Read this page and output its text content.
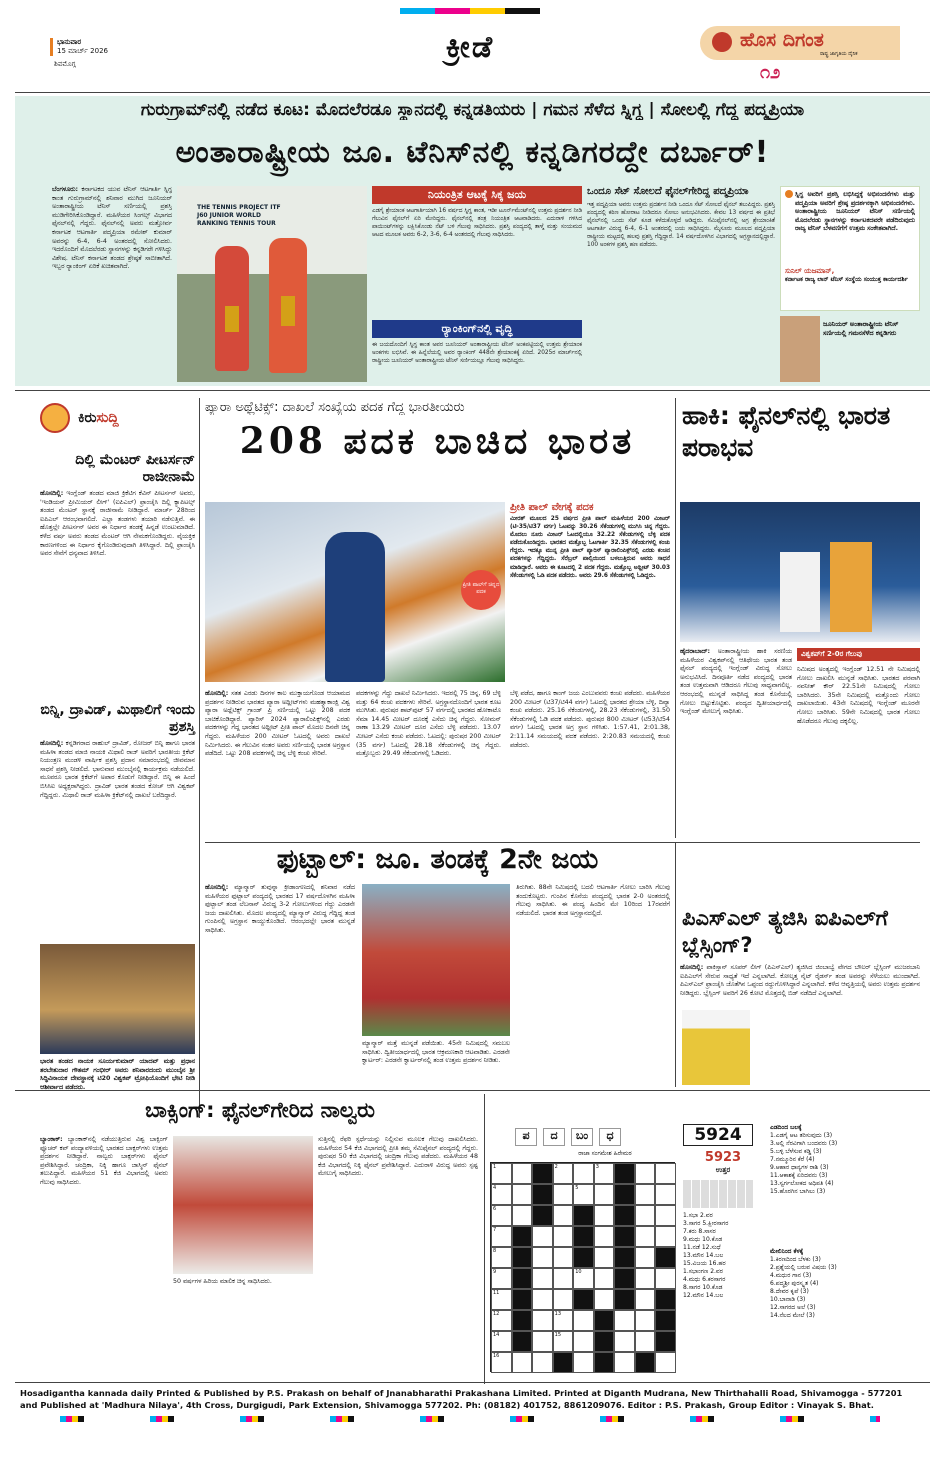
ಭಾನುವಾರ
15 ಮಾರ್ಚ್ 2026
ಶಿವಮೊಗ್ಗ	ಕ್ರೀಡೆ	ಹೊಸ ದಿಗಂತ
ರಾಷ್ಟ್ರ ಜಾಗೃತಿಯ ದೈನಿಕ
೧೨
ಗುರುಗ್ರಾಮ್‌ನಲ್ಲಿ ನಡೆದ ಕೂಟ: ಮೊದಲೆರಡೂ ಸ್ಥಾನದಲ್ಲಿ ಕನ್ನಡತಿಯರು | ಗಮನ ಸೆಳೆದ ಸ್ನಿಗ್ಧ | ಸೋಲಲ್ಲಿ ಗೆದ್ದ ಪದ್ಮಪ್ರಿಯಾ
ಅಂತಾರಾಷ್ಟ್ರೀಯ ಜೂ. ಟೆನಿಸ್‌ನಲ್ಲಿ ಕನ್ನಡಿಗರದ್ದೇ ದರ್ಬಾರ್!
ಬೆಂಗಳೂರು: ಕರ್ನಾಟಕದ ಯುವ ಟೆನಿಸ್ ಆಟಗಾರ್ತಿ ಸ್ನಿಗ್ಧ ಕಾಂತ ಗುರುಗ್ರಾಮ್‌ನಲ್ಲಿ ಶನಿವಾರ ಮುಗಿದ ಜೂನಿಯರ್ ಅಂತಾರಾಷ್ಟ್ರೀಯ ಟೆನಿಸ್ ಸರ್ಣಿಯಲ್ಲಿ ಪ್ರಶಸ್ತಿ ಮುಡಿಗೇರಿಸಿಕೊಂಡಿದ್ದಾರೆ. ಮಹಿಳೆಯರ ಸಿಂಗಲ್ಸ್ ವಿಭಾಗದ ಫೈನಲ್‌ನಲ್ಲಿ ಗೆದ್ದರು. ಫೈನಲ್‌ನಲ್ಲಿ ಅವರು ಮತ್ತೋರ್ವ ಕರ್ನಾಟಕ ಆಟಗಾರ್ತಿ ಪದ್ಮಪ್ರಿಯಾ ರಮೇಶ್ ಕುಮಾರ್ ಅವರನ್ನು 6-4, 6-4 ಅಂತರದಲ್ಲಿ ಸೋಲಿಸಿದರು. ಇದರೊಂದಿಗೆ ಮೊದಲೆರಡು ಸ್ಥಾನಗಳನ್ನು ಕನ್ನಡಿಗರೇ ಗಳಿಸಿದ್ದು ವಿಶೇಷ. ಟೆನಿಸ್ ಕರ್ನಾಟಕ ತಂಡದ ಶ್ರೇಷ್ಠತೆ ಸಾಬೀತಾಗಿದೆ. ಇಬ್ಬರ ರ್‍ಯಾಂಕಿಂಗ್ ಏರಿಕೆ ಖಚಿತವಾಗಿದೆ.
THE TENNIS PROJECT ITF J60 JUNIOR WORLD RANKING TENNIS TOUR
ನಿಯಂತ್ರಿತ ಆಟಕ್ಕೆ ಸಿಕ್ಕ ಜಯ
ಎಡಗೈ ಶ್ರೇಯಾಂಕ ಆಟಗಾರ್ತಿಯಾಗಿ 16 ವರ್ಷದ ಸ್ನಿಗ್ಧ ಕಾಂತ, ಇಡೀ ಟೂರ್ನ್‌ಮೆಂಟ್‌ನಲ್ಲಿ ಉತ್ತಮ ಪ್ರದರ್ಶನ ನೀಡಿ ಗೆಲುವಿನ ಫೈನಲ್‌ಗೆ ಏರಿ ಮೇರಿದ್ದರು. ಫೈನಲ್‌ನಲ್ಲಿ ತಂತ್ರ ನಿಯಂತ್ರಿತ ಆಟವಾಡಿದರು. ಎದುರಾಳಿ ಗಳಿಸಿದ ಪಾಯಿಂಟ್‌ಗಳನ್ನು ಲಕ್ಷಿಸಿಕೊಂಡು ನೆಟ್ ಬಳಿ ಗೆಲುವು ಸಾಧಿಸಿದರು. ಪ್ರಶಸ್ತಿ ಪಂದ್ಯದಲ್ಲಿ ತಾಳ್ಮೆ ಮತ್ತು ಸಂಯಮದ ಆಟದ ಮೂಲಕ ಅವರು 6-2, 3-6, 6-4 ಅಂತರದಲ್ಲಿ ಗೆಲುವು ಸಾಧಿಸಿದರು.
ರ್‍ಯಾಂಕಿಂಗ್‌ನಲ್ಲಿ ವೃದ್ಧಿ
ಈ ಜಯದೊಂದಿಗೆ ಸ್ನಿಗ್ಧ ಕಾಂತ ಅವರ ಜೂನಿಯರ್ ಅಂತಾರಾಷ್ಟ್ರೀಯ ಟೆನಿಸ್ ಅಂಕಪಟ್ಟಿಯಲ್ಲಿ ಉತ್ತಮ ಶ್ರೇಯಾಂಕ ಅಂಕಗಳು ಲಭಿಸಿವೆ. ಈ ಹಿನ್ನೆಲೆಯಲ್ಲಿ ಅವರ ರ್‍ಯಾಂಕಿಂಗ್ 448ನೇ ಶ್ರೇಯಾಂಕಕ್ಕೆ ಏರಿದೆ. 2025ರ ಮಾರ್ಚ್‌ನಲ್ಲಿ ರಾಷ್ಟ್ರೀಯ ಜೂನಿಯರ್ ಅಂತಾರಾಷ್ಟ್ರೀಯ ಟೆನಿಸ್ ಸರ್ಣಿಯಲ್ಲೂ ಗೆಲುವು ಸಾಧಿಸಿದ್ದರು.
ಒಂದೂ ಸೆಟ್ ಸೋಲದೆ ಫೈನಲ್‌ಗೇರಿದ್ದ ಪದ್ಮಪ್ರಿಯಾ
ಇತ್ತ ಪದ್ಮಪ್ರಿಯಾ ಅವರು ಉತ್ತಮ ಪ್ರದರ್ಶನ ನೀಡಿ ಒಂದೂ ಸೆಟ್ ಸೋಲದೆ ಫೈನಲ್ ತಲುಪಿದ್ದರು. ಪ್ರಶಸ್ತಿ ಪಂದ್ಯದಲ್ಲಿ ಕಠಿಣ ಹೋರಾಟ ನೀಡಿದರೂ ಸೋಲು ಅನುಭವಿಸಿದರು. ಕೇವಲ 13 ವರ್ಷದ ಈ ಪ್ರತಿಭೆ ಫೈನಲ್‌ನಲ್ಲಿ ಒಂದು ಸೆಟ್ ಕೂಡ ಕಳೆದುಕೊಳ್ಳದೆ ಆಡಿದ್ದರು. ಸೆಮಿಫೈನಲ್‌ನಲ್ಲಿ ಅಗ್ರ ಶ್ರೇಯಾಂಕಿತೆ ಆಟಗಾರ್ತಿ ವಿರುದ್ಧ 6-4, 6-1 ಅಂತರದಲ್ಲಿ ಜಯ ಸಾಧಿಸಿದ್ದರು. ಮೈಸೂರು ಮೂಲದ ಪದ್ಮಪ್ರಿಯಾ ರಾಷ್ಟ್ರೀಯ ಮಟ್ಟದಲ್ಲಿ ಹಲವು ಪ್ರಶಸ್ತಿ ಗೆದ್ದಿದ್ದಾರೆ. 14 ವರ್ಷದೊಳಗಿನ ವಿಭಾಗದಲ್ಲಿ ಅಗ್ರಸ್ಥಾನದಲ್ಲಿದ್ದಾರೆ. 100 ಅಂಕಗಳ ಪ್ರಶಸ್ತಿ ಹಣ ಪಡೆದರು.
ಸ್ನಿಗ್ಧ ಅವರಿಗೆ ಪ್ರಶಸ್ತಿ ಲಭಿಸಿದ್ದಕ್ಕೆ ಅಭಿನಂದನೆಗಳು ಮತ್ತು ಪದ್ಮಪ್ರಿಯಾ ಅವರಿಗೆ ಶ್ರೇಷ್ಠ ಪ್ರದರ್ಶನಕ್ಕಾಗಿ ಅಭಿನಂದನೆಗಳು. ಅಂತಾರಾಷ್ಟ್ರೀಯ ಜೂನಿಯರ್ ಟೆನಿಸ್ ಸರ್ಣಿಯಲ್ಲಿ ಮೊದಲೆರಡು ಸ್ಥಾನಗಳನ್ನು ಕರ್ನಾಟಕದವರೇ ಪಡೆದಿರುವುದು ರಾಜ್ಯ ಟೆನಿಸ್ ಬೆಳವಣಿಗೆಗೆ ಉತ್ತಮ ಸಂಕೇತವಾಗಿದೆ.
ಸುನಿಲ್ ಯಜಮಾನ್,
ಕರ್ನಾಟಕ ರಾಜ್ಯ ಲಾನ್ ಟೆನಿಸ್ ಸಂಸ್ಥೆಯ ಸಂಯುಕ್ತ ಕಾರ್ಯದರ್ಶಿ
ಜೂನಿಯರ್ ಅಂತಾರಾಷ್ಟ್ರೀಯ ಟೆನಿಸ್ ಸರ್ಣಿಯಲ್ಲಿ ಗಮನಸೆಳೆದ ಕನ್ನಡಿಗರು
ಕಿರು ಸುದ್ದಿ
ದಿಲ್ಲಿ ಮೆಂಟರ್ ಪೀಟರ್ಸನ್ ರಾಜೀನಾಮೆ
ಹೊಸದಿಲ್ಲಿ: ಇಂಗ್ಲೆಂಡ್ ತಂಡದ ಮಾಜಿ ಕ್ರಿಕೆಟಿಗ ಕೆವಿನ್ ಪೀಟರ್ಸನ್ ಅವರು, 'ಇಂಡಿಯನ್ ಪ್ರೀಮಿಯರ್ ಲೀಗ್' (ಐಪಿಎಲ್) ಫ್ರಾಂಚೈಸಿ ದಿಲ್ಲಿ ಕ್ಯಾಪಿಟಲ್ಸ್ ತಂಡದ ಮೆಂಟರ್ ಸ್ಥಾನಕ್ಕೆ ರಾಜೀನಾಮೆ ನೀಡಿದ್ದಾರೆ. ಮಾರ್ಚ್ 28ರಿಂದ ಐಪಿಎಲ್ ಆರಂಭವಾಗಲಿದೆ. ಎಲ್ಲಾ ತಂಡಗಳು ತಯಾರಿ ನಡೆಸುತ್ತಿವೆ. ಈ ಹೊತ್ತಲ್ಲೇ ಪೀಟರ್ಸನ್ ಅವರ ಈ ನಿರ್ಧಾರ ತಂಡಕ್ಕೆ ಹಿನ್ನಡೆ ಉಂಟುಮಾಡಿದೆ. ಕಳೆದ ವರ್ಷ ಅವರು ತಂಡದ ಮೆಂಟರ್ ಆಗಿ ನೇಮಕಗೊಂಡಿದ್ದರು. ವೈಯಕ್ತಿಕ ಕಾರಣಗಳಿಂದ ಈ ನಿರ್ಧಾರ ಕೈಗೊಂಡಿರುವುದಾಗಿ ತಿಳಿಸಿದ್ದಾರೆ. ದಿಲ್ಲಿ ಫ್ರಾಂಚೈಸಿ ಅವರ ಸೇವೆಗೆ ಧನ್ಯವಾದ ತಿಳಿಸಿದೆ.
ಬಿನ್ನಿ, ದ್ರಾವಿಡ್, ಮಿಥಾಲಿಗೆ ಇಂದು ಪ್ರಶಸ್ತಿ
ಹೊಸದಿಲ್ಲಿ: ಕನ್ನಡಿಗರಾದ ರಾಹುಲ್ ದ್ರಾವಿಡ್, ರೋಜರ್ ಬಿನ್ನಿ ಹಾಗೂ ಭಾರತ ಮಹಿಳಾ ತಂಡದ ಮಾಜಿ ನಾಯಕಿ ಮಿಥಾಲಿ ರಾಜ್ ಅವರಿಗೆ ಭಾರತೀಯ ಕ್ರಿಕೆಟ್ ನಿಯಂತ್ರಣ ಮಂಡಳಿ ವಾರ್ಷಿಕ ಪ್ರಶಸ್ತಿ ಪ್ರದಾನ ಸಮಾರಂಭದಲ್ಲಿ ಜೀವಮಾನ ಸಾಧನೆ ಪ್ರಶಸ್ತಿ ನೀಡಲಿದೆ. ಭಾನುವಾರ ಮುಂಬೈನಲ್ಲಿ ಕಾರ್ಯಕ್ರಮ ನಡೆಯಲಿದೆ. ಮೂವರೂ ಭಾರತ ಕ್ರಿಕೆಟ್‌ಗೆ ಅಪಾರ ಕೊಡುಗೆ ನೀಡಿದ್ದಾರೆ. ಬಿನ್ನಿ ಈ ಹಿಂದೆ ಬಿಸಿಸಿಐ ಅಧ್ಯಕ್ಷರಾಗಿದ್ದರು. ದ್ರಾವಿಡ್ ಭಾರತ ತಂಡದ ಕೋಚ್ ಆಗಿ ವಿಶ್ವಕಪ್ ಗೆದ್ದಿದ್ದರು. ಮಿಥಾಲಿ ರಾಜ್ ಮಹಿಳಾ ಕ್ರಿಕೆಟ್‌ನಲ್ಲಿ ದಾಖಲೆ ಬರೆದಿದ್ದಾರೆ.
ಭಾರತ ತಂಡದ ನಾಯಕ ಸೂರ್ಯಕುಮಾರ್ ಯಾದವ್ ಮತ್ತು ಪ್ರಧಾನ ತರಬೇತುದಾರ ಗೌತಮ್ ಗಂಭೀರ್ ಅವರು ಶನಿವಾರದಂದು ಮುಂಬೈನ ಶ್ರೀ ಸಿದ್ಧಿವಿನಾಯಕ ದೇವಸ್ಥಾನಕ್ಕೆ ಟಿ20 ವಿಶ್ವಕಪ್ ಟ್ರೋಫಿಯೊಂದಿಗೆ ಭೇಟಿ ನೀಡಿ ಆಶೀರ್ವಾದ ಪಡೆದರು.
ಪ್ಯಾರಾ ಅಥ್ಲೆಟಿಕ್ಸ್: ದಾಖಲೆ ಸಂಖ್ಯೆಯ ಪದಕ ಗೆದ್ದ ಭಾರತೀಯರು
208 ಪದಕ ಬಾಚಿದ ಭಾರತ
ಪ್ರೀತಿ ಪಾಲ್‌ಗೆ ಚಿನ್ನದ ಪದಕ
ಪ್ರೀತಿ ಪಾಲ್ ವೇಗಕ್ಕೆ ಪದಕ
ಮೀರತ್ ಮೂಲದ 25 ವರ್ಷದ ಪ್ರೀತಿ ಪಾಲ್ ಮಹಿಳೆಯರ 200 ಮೀಟರ್ (ಟಿ-35/ಟಿ37 ವರ್ಗ) ಓಟವನ್ನು 30.26 ಸೆಕೆಂಡುಗಳಲ್ಲಿ ಮುಗಿಸಿ ಚಿನ್ನ ಗೆದ್ದರು. ಮೊದಲು ನೂರು ಮೀಟರ್ ಓಟದಲ್ಲಿಯೂ 32.22 ಸೆಕೆಂಡುಗಳಲ್ಲಿ ಬೆಳ್ಳಿ ಪದಕ ಪಡೆದುಕೊಂಡಿದ್ದರು. ಭಾರತದ ಮತ್ತೊಬ್ಬ ಓಟಗಾರ್ತಿ 32.35 ಸೆಕೆಂಡುಗಳಲ್ಲಿ ಕಂಚು ಗೆದ್ದರು. ಇದಕ್ಕೂ ಮುನ್ನ ಪ್ರೀತಿ ಪಾಲ್ ಪ್ಯಾರಿಸ್ ಪ್ಯಾರಾಲಿಂಪಿಕ್ಸ್‌ನಲ್ಲಿ ಎರಡು ಕಂಚಿನ ಪದಕಗಳನ್ನು ಗೆದ್ದಿದ್ದರು. ಸೆರೆಬ್ರಲ್ ಪಾಲ್ಸಿಯಿಂದ ಬಳಲುತ್ತಿರುವ ಅವರು ಸಾಧನೆ ಮಾಡಿದ್ದಾರೆ. ಅವರು ಈ ಕೂಟದಲ್ಲಿ 2 ಪದಕ ಗೆದ್ದರು. ಮತ್ತೊಬ್ಬ ಅಥ್ಲೀಟ್ 30.03 ಸೆಕೆಂಡುಗಳಲ್ಲಿ ಓಡಿ ಪದಕ ಪಡೆದರು. ಅವರು 29.6 ಸೆಕೆಂಡುಗಳಲ್ಲಿ ಓಡಿದ್ದರು.
ಹೊಸದಿಲ್ಲಿ: ಸತತ ಎರಡು ದಿನಗಳ ಕಾಲ ಮುಕ್ತಾಯಗೊಂಡ ಆಯಾಮದ ಪ್ರದರ್ಶನ ನೀಡಿರುವ ಭಾರತದ ಪ್ಯಾರಾ ಅಥ್ಲೀಟ್‌ಗಳು ಮಹತ್ವಾಕಾಂಕ್ಷಿ ವಿಶ್ವ ಪ್ಯಾರಾ ಅಥ್ಲೆಟಿಕ್ಸ್ ಗ್ರಾಂಡ್ ಪ್ರಿ ಸರ್ಣಿಯಲ್ಲಿ ಒಟ್ಟು 208 ಪದಕ ಬಾಚಿಕೊಂಡಿದ್ದಾರೆ. ಪ್ಯಾರಿಸ್ 2024 ಪ್ಯಾರಾಲಿಂಪಿಕ್ಸ್‌ನಲ್ಲಿ ಎರಡು ಪದಕಗಳನ್ನು ಗೆದ್ದ ಭಾರತದ ಅಥ್ಲೀಟ್ ಪ್ರೀತಿ ಪಾಲ್ ಮೊದಲ ದಿನವೇ ಚಿನ್ನ ಗೆದ್ದರು. ಮಹಿಳೆಯರ 200 ಮೀಟರ್ ಓಟದಲ್ಲಿ ಅವರು ದಾಖಲೆ ನಿರ್ಮಿಸಿದರು. ಈ ಗೆಲುವಿನ ನಂತರ ಅವರು ಸರ್ಣಿಯಲ್ಲಿ ಭಾರತ ಅಗ್ರಸ್ಥಾನ ಪಡೆದಿದೆ. ಒಟ್ಟು 208 ಪದಕಗಳಲ್ಲಿ ಚಿನ್ನ ಬೆಳ್ಳಿ ಕಂಚು ಸೇರಿವೆ.
ಪದಕಗಳನ್ನು ಗೆದ್ದು ದಾಖಲೆ ನಿರ್ಮಿಸಿದರು. ಇದರಲ್ಲಿ 75 ಚಿನ್ನ, 69 ಬೆಳ್ಳಿ ಮತ್ತು 64 ಕಂಚು ಪದಕಗಳು ಸೇರಿವೆ. ಅಗ್ರಸ್ಥಾನದೊಂದಿಗೆ ಭಾರತ ಕೂಟ ಮುಗಿಸಿತು. ಪುರುಷರ ಶಾಟ್‌ಪುಟ್ 57 ವರ್ಗದಲ್ಲಿ ಭಾರತದ ಹೋಕಾಟೊ ಸೆಮಾ 14.45 ಮೀಟರ್ ದೂರಕ್ಕೆ ಎಸೆದು ಚಿನ್ನ ಗೆದ್ದರು. ಸೋಮನ್ ರಾಣಾ 13.29 ಮೀಟರ್ ದೂರ ಎಸೆದು ಬೆಳ್ಳಿ ಪಡೆದರು. 13.07 ಮೀಟರ್ ಎಸೆದು ಕಂಚು ಪಡೆದರು. ಓಟದಲ್ಲಿ: ಪುರುಷರ 200 ಮೀಟರ್ (35 ವರ್ಗ) ಓಟದಲ್ಲಿ 28.18 ಸೆಕೆಂಡುಗಳಲ್ಲಿ ಚಿನ್ನ ಗೆದ್ದರು. ಮತ್ತೊಬ್ಬರು 29.49 ಸೆಕೆಂಡುಗಳಲ್ಲಿ ಓಡಿದರು.
ಬೆಳ್ಳಿ ಪಡೆದ, ಹಾಗೂ ಕಾಂಗ್ ಜಯ ಎಂಬುವವರು ಕಂಚು ಪಡೆದರು. ಮಹಿಳೆಯರ 200 ಮೀಟರ್ (ಟಿ37/ಟಿ44 ವರ್ಗ) ಓಟದಲ್ಲಿ ಭಾರತದ ಶ್ರೇಯಾ ಬೆಳ್ಳಿ, ದಿವ್ಯಾ ಕಂಚು ಪಡೆದರು. 25.16 ಸೆಕೆಂಡುಗಳಲ್ಲಿ, 28.23 ಸೆಕೆಂಡುಗಳಲ್ಲಿ, 31.50 ಸೆಕೆಂಡುಗಳಲ್ಲಿ ಓಡಿ ಪದಕ ಪಡೆದರು. ಪುರುಷರ 800 ಮೀಟರ್ (ಟಿ53/ಟಿ54 ವರ್ಗ) ಓಟದಲ್ಲಿ ಭಾರತ ಅಗ್ರ ಸ್ಥಾನ ಗಳಿಸಿತು. 1:57.41, 2:01.38, 2:11.14 ಸಮಯದಲ್ಲಿ ಪದಕ ಪಡೆದರು. 2:20.83 ಸಮಯದಲ್ಲಿ ಕಂಚು ಪಡೆದರು.
ಹಾಕಿ: ಫೈನಲ್‌ನಲ್ಲಿ ಭಾರತ ಪರಾಭವ
ಹೈದರಾಬಾದ್: ಅಂತಾರಾಷ್ಟ್ರೀಯ ಹಾಕಿ ಸರಣಿಯ ಮಹಿಳೆಯರ ವಿಶ್ವಕಪ್‌ನಲ್ಲಿ ಆತಿಥೇಯ ಭಾರತ ತಂಡ ಫೈನಲ್ ಪಂದ್ಯದಲ್ಲಿ ಇಂಗ್ಲೆಂಡ್ ವಿರುದ್ಧ ಸೋಲು ಅನುಭವಿಸಿದೆ. ದಿನಪೂರ್ತಿ ನಡೆದ ಪಂದ್ಯದಲ್ಲಿ ಭಾರತ ತಂಡ ಉತ್ತಮವಾಗಿ ಆಡಿದರೂ ಗೆಲುವು ಸಾಧ್ಯವಾಗಲಿಲ್ಲ. ಆರಂಭದಲ್ಲಿ ಮುನ್ನಡೆ ಸಾಧಿಸಿದ್ದ ತಂಡ ಕೊನೆಯಲ್ಲಿ ಗೋಲು ಬಿಟ್ಟುಕೊಟ್ಟಿತು. ಪಂದ್ಯದ ದ್ವಿತೀಯಾರ್ಧದಲ್ಲಿ ಇಂಗ್ಲೆಂಡ್ ಮೇಲುಗೈ ಸಾಧಿಸಿತು.
ವಿಶ್ವಕಪ್‌ಗೆ 2-0ರ ಗೆಲುವು
ನಿಮಿಷದ ಅಂತ್ಯದಲ್ಲಿ ಇಂಗ್ಲೆಂಡ್ 12.51 ನೇ ನಿಮಿಷದಲ್ಲಿ ಗೋಲು ದಾಖಲಿಸಿ ಮುನ್ನಡೆ ಸಾಧಿಸಿತು. ಭಾರತದ ಪರವಾಗಿ ನವನೀತ್ ಕೌರ್ 22.51ನೇ ನಿಮಿಷದಲ್ಲಿ ಗೋಲು ಬಾರಿಸಿದರು. 35ನೇ ನಿಮಿಷದಲ್ಲಿ ಮತ್ತೊಂದು ಗೋಲು ದಾಖಲಾಯಿತು. 43ನೇ ನಿಮಿಷದಲ್ಲಿ ಇಂಗ್ಲೆಂಡ್ ಮೂರನೇ ಗೋಲು ಬಾರಿಸಿತು. 59ನೇ ನಿಮಿಷದಲ್ಲಿ ಭಾರತ ಗೋಲು ಹೊಡೆದರೂ ಗೆಲುವು ದಕ್ಕಲಿಲ್ಲ.
ಫುಟ್ಬಾಲ್: ಜೂ. ತಂಡಕ್ಕೆ 2ನೇ ಜಯ
ಹೊಸದಿಲ್ಲಿ: ಮ್ಯಾನ್ಮಾರ್ ತುವುನ್ನಾ ಕ್ರೀಡಾಂಗಣದಲ್ಲಿ ಶನಿವಾರ ನಡೆದ ಮಹಿಳೆಯರ ಫುಟ್ಬಾಲ್ ಪಂದ್ಯದಲ್ಲಿ ಭಾರತದ 17 ವರ್ಷದೊಳಗಿನ ಮಹಿಳಾ ಫುಟ್ಬಾಲ್ ತಂಡ ಲೆಬನಾನ್ ವಿರುದ್ಧ 3-2 ಗೋಲುಗಳಿಂದ ಗೆದ್ದು ಎರಡನೇ ಜಯ ದಾಖಲಿಸಿತು. ಮೊದಲ ಪಂದ್ಯದಲ್ಲಿ ಮ್ಯಾನ್ಮಾರ್ ವಿರುದ್ಧ ಗೆದ್ದಿದ್ದ ತಂಡ ಗುಂಪಿನಲ್ಲಿ ಅಗ್ರಸ್ಥಾನ ಕಾಯ್ದುಕೊಂಡಿದೆ. ಆರಂಭದಲ್ಲೇ ಭಾರತ ಮುನ್ನಡೆ ಸಾಧಿಸಿತು.
ಮ್ಯಾನ್ಮಾರ್ ಮತ್ತೆ ಮುನ್ನಡೆ ಪಡೆಯಿತು. 45ನೇ ನಿಮಿಷದಲ್ಲಿ ಸಮಬಲ ಸಾಧಿಸಿತು. ದ್ವಿತೀಯಾರ್ಧದಲ್ಲಿ ಭಾರತ ಆಕ್ರಮಣಕಾರಿ ಆಟವಾಡಿತು. ಎರಡನೇ ಕ್ವಾರ್ಟರ್: ಎರಡನೇ ಕ್ವಾರ್ಟರ್‌ನಲ್ಲಿ ತಂಡ ಉತ್ತಮ ಪ್ರದರ್ಶನ ನೀಡಿತು.
ತಿರುಗಿತು. 88ನೇ ನಿಮಿಷದಲ್ಲಿ ಬದಲಿ ಆಟಗಾರ್ತಿ ಗೋಲು ಬಾರಿಸಿ ಗೆಲುವು ತಂದುಕೊಟ್ಟರು. ಗುಂಪಿನ ಕೊನೆಯ ಪಂದ್ಯದಲ್ಲಿ ಭಾರತ 2-0 ಅಂತರದಲ್ಲಿ ಗೆಲುವು ಸಾಧಿಸಿತು. ಈ ಪಂದ್ಯ ಹಿಂದಿನ ಮೇ 10ರಿಂದ 17ರವರೆಗೆ ನಡೆಯಲಿದೆ. ಭಾರತ ತಂಡ ಅಗ್ರಸ್ಥಾನದಲ್ಲಿದೆ.	ಪಿಎಸ್‌ಎಲ್ ತ್ಯಜಿಸಿ ಐಪಿಎಲ್‌ಗೆ ಬ್ಲೆಸ್ಸಿಂಗ್?
ಹೊಸದಿಲ್ಲಿ: ಪಾಕಿಸ್ತಾನ್ ಸೂಪರ್ ಲೀಗ್ (ಪಿಎಸ್‌ಎಲ್) ತ್ಯಜಿಸಿದ ಜಿಂಬಾಬ್ವೆ ವೇಗದ ಬೌಲರ್ ಬ್ಲೆಸ್ಸಿಂಗ್ ಮುಜರಬಾನಿ ಐಪಿಎಲ್‌ಗೆ ಸೇರುವ ಸಾಧ್ಯತೆ ಇದೆ ಎನ್ನಲಾಗಿದೆ. ಕೋಲ್ಕತ್ತ ನೈಟ್ ರೈಡರ್ಸ್ ತಂಡ ಅವರನ್ನು ಸೆಳೆಯಲು ಮುಂದಾಗಿದೆ. ಪಿಎಸ್‌ಎಲ್ ಫ್ರಾಂಚೈಸಿ ಜೊತೆಗಿನ ಒಪ್ಪಂದ ರದ್ದುಗೊಳಿಸಿದ್ದಾರೆ ಎನ್ನಲಾಗಿದೆ. ಕಳೆದ ಆವೃತ್ತಿಯಲ್ಲಿ ಅವರು ಉತ್ತಮ ಪ್ರದರ್ಶನ ನೀಡಿದ್ದರು. ಬ್ಲೆಸ್ಸಿಂಗ್ ಅವರಿಗೆ 26 ಕೋಟಿ ಮೊತ್ತದಲ್ಲಿ ಬಿಡ್ ನಡೆದಿದೆ ಎನ್ನಲಾಗಿದೆ.
ಬಾಕ್ಸಿಂಗ್: ಫೈನಲ್‌ಗೇರಿದ ನಾಲ್ವರು
ಬ್ಯಾಂಕಾಕ್: ಬ್ಯಾಂಕಾಕ್‌ನಲ್ಲಿ ನಡೆಯುತ್ತಿರುವ ವಿಶ್ವ ಬಾಕ್ಸಿಂಗ್ ಫ್ಯೂಚರ್ ಕಪ್ ಪಂದ್ಯಾವಳಿಯಲ್ಲಿ ಭಾರತದ ಬಾಕ್ಸರ್‌ಗಳು ಉತ್ತಮ ಪ್ರದರ್ಶನ ನೀಡಿದ್ದಾರೆ. ನಾಲ್ವರು ಬಾಕ್ಸರ್‌ಗಳು ಫೈನಲ್ ಪ್ರವೇಶಿಸಿದ್ದಾರೆ. ಚಂದ್ರಿಕಾ, ನಿಕ್ಕಿ ಹಾಗೂ ಜಾಸ್ಮಿನ್ ಫೈನಲ್ ತಲುಪಿದ್ದಾರೆ. ಮಹಿಳೆಯರ 51 ಕೆಜಿ ವಿಭಾಗದಲ್ಲಿ ಅವರು ಗೆಲುವು ಸಾಧಿಸಿದರು.
50 ವರ್ಷಗಳ ಹಿರಿಯ ಮಾಲಿಕ ಚಿನ್ನ ಸಾಧಿಸಿದರು.
ಸುತ್ತಿನಲ್ಲಿ ರೆಫರಿ ಸ್ಪರ್ಧೆಯನ್ನು ನಿಲ್ಲಿಸುವ ಮೂಲಕ ಗೆಲುವು ದಾಖಲಿಸಿದರು. ಮಹಿಳೆಯರ 54 ಕೆಜಿ ವಿಭಾಗದಲ್ಲಿ ಪ್ರೀತಿ ತಮ್ಮ ಸೆಮಿಫೈನಲ್ ಪಂದ್ಯದಲ್ಲಿ ಗೆದ್ದರು. ಪುರುಷರ 50 ಕೆಜಿ ವಿಭಾಗದಲ್ಲಿ ಚಂದ್ರಿಕಾ ಗೆಲುವು ಪಡೆದರು. ಮಹಿಳೆಯರ 48 ಕೆಜಿ ವಿಭಾಗದಲ್ಲಿ ನಿಕ್ಕಿ ಫೈನಲ್ ಪ್ರವೇಶಿಸಿದ್ದಾರೆ. ಎದುರಾಳಿ ವಿರುದ್ಧ ಅವರು ಸ್ಪಷ್ಟ ಮೇಲುಗೈ ಸಾಧಿಸಿದರು.
ಪ	ದ	ಬಂ	ಧ
ರಾಜಾ ಸಂಗಮೇಶ ಹಿರೇಮಠ
1	2	3
4	5
6
7
8
9	10
11
12	13
14	15
16
5924
5923
ಉತ್ತರ
1.ಸಭಾ 2.ವರ
3.ಸಾಗರ 5.ಕ್ಷೀರಸಾಗರ
7.ಕರು 8.ಸಾಸರ
9.ಮಧು 10.ಕೊಡ
11.ನಡೆ 12.ಸುಧೆ
13.ಮೌನ 14.ಬಲ
15.ವಿಜಯ 16.ಹರ
1.ಸಭಾಂಗಣ 2.ವರ
4.ಮಧು 6.ಕರಸಾಗರ
8.ಸಾಗರ 10.ಕೊಡ
12.ಮೌನ 14.ಬಲ
ಎಡದಿಂದ ಬಲಕ್ಕೆ
1.ಎಡಗೈ ಆಟ ತರಿಸುವುದು (3)
3.ಅಲ್ಲಿ ನೆರವಿಗಾಗಿ ಬಂದವರು (3)
5.ಬಳ್ಳಿ ಬೆಳೆಸುವ ಕಡ್ಡಿ (3)
7.ನಮ್ಮೂರಿನ ಕೆರೆ (4)
9.ಆಹಾರ ಧಾನ್ಯಗಳ ರಾಶಿ (3)
11.ಆಕಾಶಕ್ಕೆ ಏರಿದವನು (3)
13.ಸ್ವರ್ಗಲೋಕದ ಅಧಿಪತಿ (4)
15.ಹೊರಗಿನ ಬಾಗಿಲು (3)
ಮೇಲಿನಿಂದ ಕೆಳಕ್ಕೆ
1.ಕಿರಣದಿಂದ ಬೆಳಕು (3)
2.ಪ್ರಶ್ನೆಯಲ್ಲಿ ಬರುವ ವಿಷಯ (3)
4.ಮಧುರ ಗಾನ (3)
6.ಪದ್ಮಶ್ರೀ ಪುರಸ್ಕೃತ (4)
8.ದೇವರ ಕೃಪೆ (3)
10.ಬಾನಾಡಿ (3)
12.ಸಾಗರದ ಅಲೆ (3)
14.ನೆಲದ ಮೇಲೆ (3)
Hosadigantha kannada daily Printed & Published by P.S. Prakash on behalf of Jnanabharathi Prakashana Limited. Printed at Diganth Mudrana, New Thirthahalli Road, Shivamogga - 577201
and Published at 'Madhura Nilaya', 4th Cross, Durgigudi, Park Extension, Shivamogga 577202. Ph: (08182) 401752, 8861209076. Editor : P.S. Prakash, Group Editor : Vinayak S. Bhat.
